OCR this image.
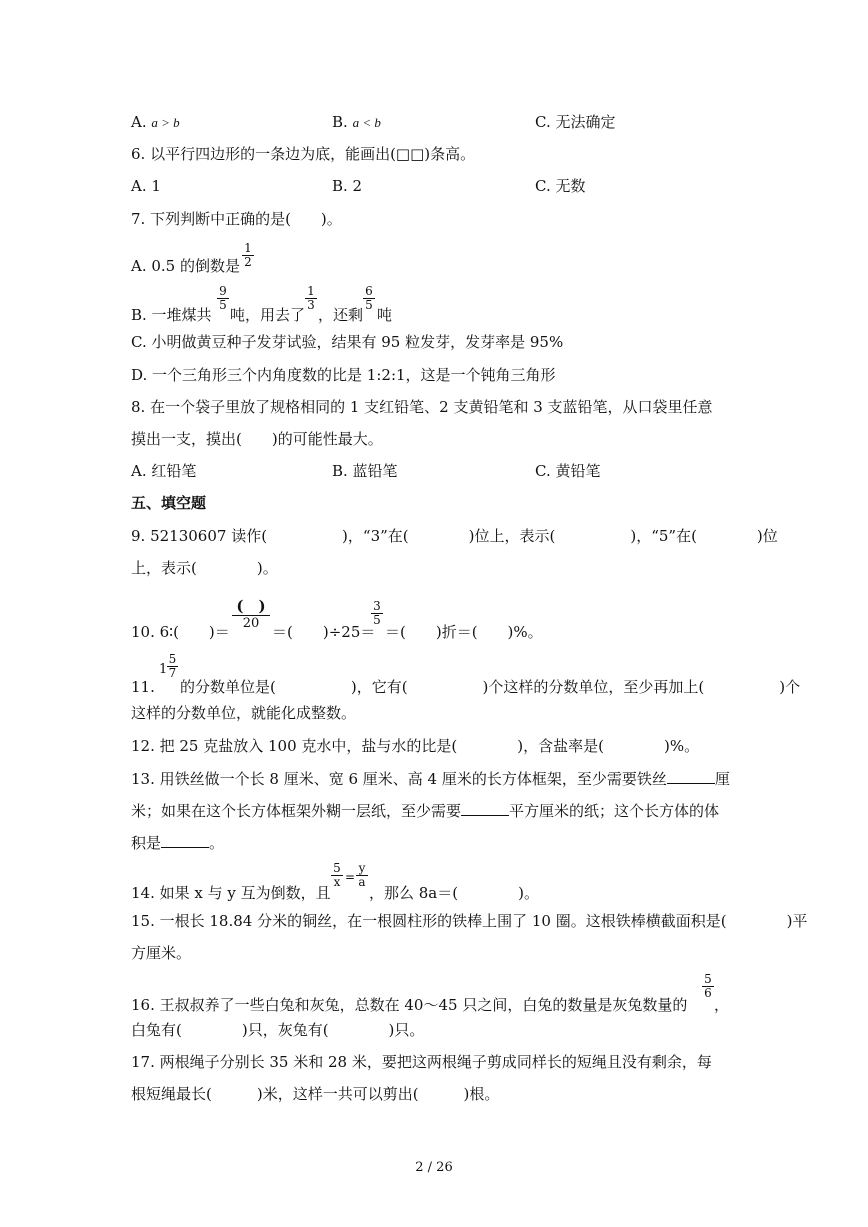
A. a > b	B. a < b	C. 无法确定
6. 以平行四边形的一条边为底，能画出(□□)条高。
A. 1	B. 2	C. 无数
7. 下列判断中正确的是(　　)。
A. 0.5 的倒数是 $\frac{1}{2}$
B. 一堆煤共
$\frac{9}{5}$
吨，用去了
$\frac{1}{3}$
，还剩
$\frac{6}{5}$
吨
C. 小明做黄豆种子发芽试验，结果有 95 粒发芽，发芽率是 95%
D. 一个三角形三个内角度数的比是 1:2:1，这是一个钝角三角形
8. 在一个袋子里放了规格相同的 1 支红铅笔、2 支黄铅笔和 3 支蓝铅笔，从口袋里任意
摸出一支，摸出(　　)的可能性最大。
A. 红铅笔	B. 蓝铅笔	C. 黄铅笔
五、填空题
9. 52130607 读作(　　　　　)，“3”在(　　　　)位上，表示(　　　　　)，“5”在(　　　　)位
上，表示(　　　　)。
10. 6∶(　　)＝
(　)
20 ＝(　　)÷25＝
$\frac{3}{5}$
＝(　　)折＝(　　)%。
11.
$1 \frac{5}{7}$
的分数单位是(　　　　　)，它有(　　　　　)个这样的分数单位，至少再加上(　　　　　)个
这样的分数单位，就能化成整数。
12. 把 25 克盐放入 100 克水中，盐与水的比是(　　　　)，含盐率是(　　　　)%。
13. 用铁丝做一个长 8 厘米、宽 6 厘米、高 4 厘米的长方体框架，至少需要铁丝	厘
米；如果在这个长方体框架外糊一层纸，至少需要	平方厘米的纸；这个长方体的体
积是	。
14. 如果 x 与 y 互为倒数，且
$\frac{5}{x} = \frac{y}{a}$
，那么 8a＝(　　　　)。
15. 一根长 18.84 分米的铜丝，在一根圆柱形的铁棒上围了 10 圈。这根铁棒横截面积是(　　　　)平
方厘米。
16. 王叔叔养了一些白兔和灰兔，总数在 40～45 只之间，白兔的数量是灰兔数量的
$\frac{5}{6}$
，
白兔有(　　　　)只，灰兔有(　　　　)只。
17. 两根绳子分别长 35 米和 28 米，要把这两根绳子剪成同样长的短绳且没有剩余，每
根短绳最长(　　　)米，这样一共可以剪出(　　　)根。
2 / 26
